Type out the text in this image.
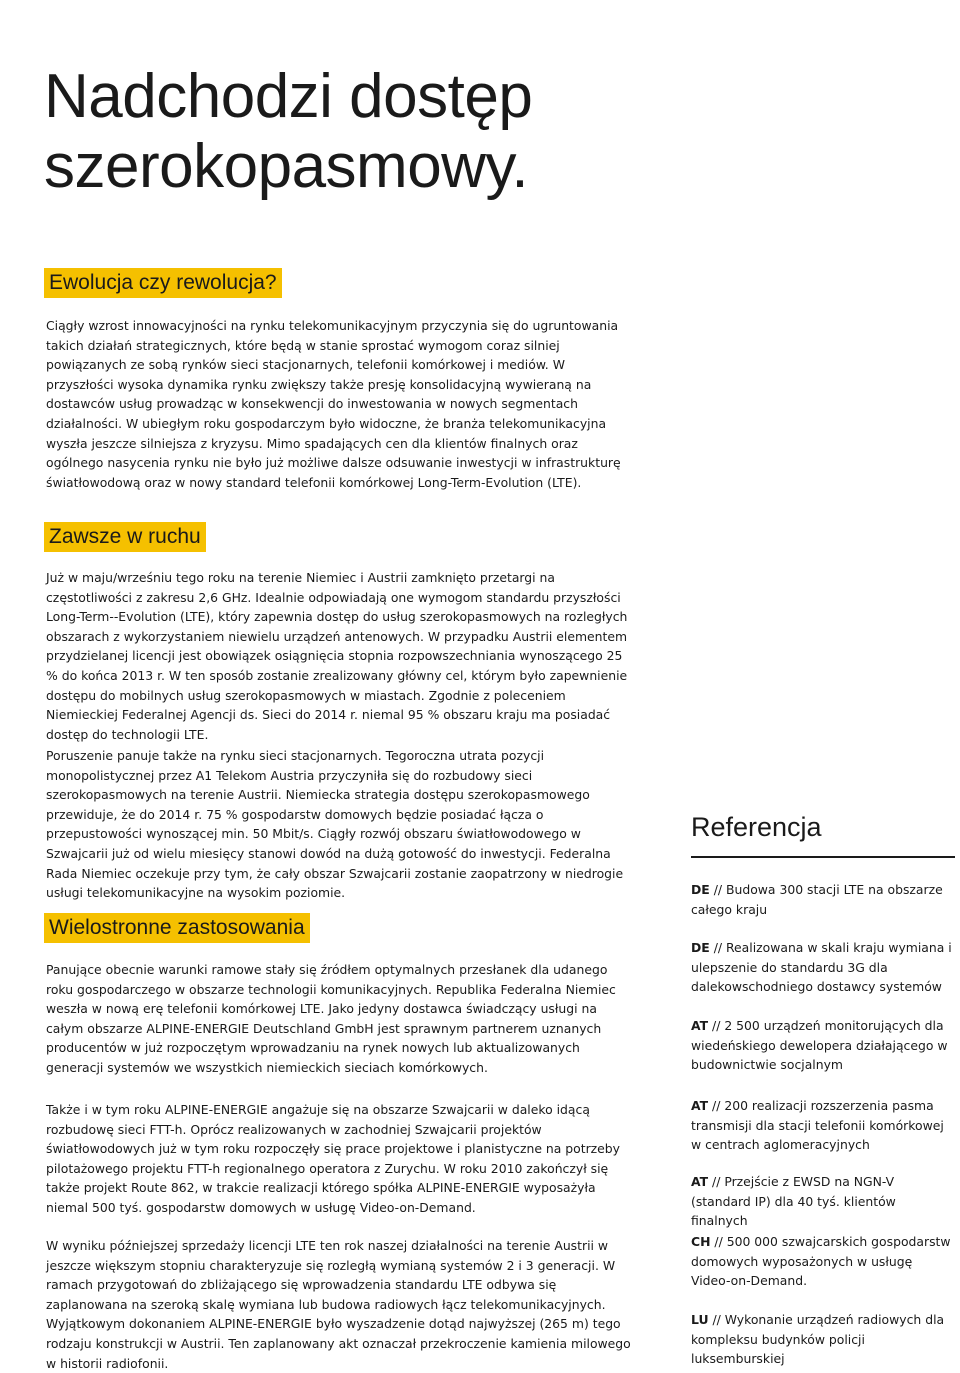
Nadchodzi dostęp
szerokopasmowy.
Ewolucja czy rewolucja?

Ciągły wzrost innowacyjności na rynku telekomunikacyjnym przyczynia się do ugruntowania takich działań strategicznych, które będą w stanie sprostać wymogom coraz silniej powiązanych ze sobą rynków sieci stacjonarnych, telefonii komórkowej i mediów. W przyszłości wysoka dynamika rynku zwiększy także presję konsolidacyjną wywieraną na dostawców usług prowadząc w konsekwencji do inwestowania w nowych segmentach działalności. W ubiegłym roku gospodarczym było widoczne, że branża telekomunikacyjna wyszła jeszcze silniejsza z kryzysu. Mimo spadających cen dla klientów finalnych oraz ogólnego nasycenia rynku nie było już możliwe dalsze odsuwanie inwestycji w infrastrukturę światłowodową oraz w nowy standard telefonii komórkowej Long-Term-Evolution (LTE).

Zawsze w ruchu

Już w maju/wrześniu tego roku na terenie Niemiec i Austrii zamknięto przetargi na częstotliwości z zakresu 2,6 GHz. Idealnie odpowiadają one wymogom standardu przyszłości Long-Term--Evolution (LTE), który zapewnia dostęp do usług szerokopasmowych na rozległych obszarach z wykorzystaniem niewielu urządzeń antenowych. W przypadku Austrii elementem przydzielanej licencji jest obowiązek osiągnięcia stopnia rozpowszechniania wynoszącego 25 % do końca 2013 r. W ten sposób zostanie zrealizowany główny cel, którym było zapewnienie dostępu do mobilnych usług szerokopasmowych w miastach. Zgodnie z poleceniem Niemieckiej Federalnej Agencji ds. Sieci do 2014 r. niemal 95 % obszaru kraju ma posiadać dostęp do technologii LTE.

Poruszenie panuje także na rynku sieci stacjonarnych. Tegoroczna utrata pozycji monopolistycznej przez A1 Telekom Austria przyczyniła się do rozbudowy sieci szerokopasmowych na terenie Austrii. Niemiecka strategia dostępu szerokopasmowego przewiduje, że do 2014 r. 75 % gospodarstw domowych będzie posiadać łącza o przepustowości wynoszącej min. 50 Mbit/s. Ciągły rozwój obszaru światłowodowego w Szwajcarii już od wielu miesięcy stanowi dowód na dużą gotowość do inwestycji. Federalna Rada Niemiec oczekuje przy tym, że cały obszar Szwajcarii zostanie zaopatrzony w niedrogie usługi telekomunikacyjne na wysokim poziomie.

Wielostronne zastosowania

Panujące obecnie warunki ramowe stały się źródłem optymalnych przesłanek dla udanego roku gospodarczego w obszarze technologii komunikacyjnych. Republika Federalna Niemiec weszła w nową erę telefonii komórkowej LTE. Jako jedyny dostawca świadczący usługi na całym obszarze ALPINE-ENERGIE Deutschland GmbH jest sprawnym partnerem uznanych producentów w już rozpoczętym wprowadzaniu na rynek nowych lub aktualizowanych generacji systemów we wszystkich niemieckich sieciach komórkowych.

Także i w tym roku ALPINE-ENERGIE angażuje się na obszarze Szwajcarii w daleko idącą rozbudowę sieci FTT-h. Oprócz realizowanych w zachodniej Szwajcarii projektów światłowodowych już w tym roku rozpoczęły się prace projektowe i planistyczne na potrzeby pilotażowego projektu FTT-h regionalnego operatora z Zurychu. W roku 2010 zakończył się także projekt Route 862, w trakcie realizacji którego spółka ALPINE-ENERGIE wyposażyła niemal 500 tyś. gospodarstw domowych w usługę Video-on-Demand.

W wyniku późniejszej sprzedaży licencji LTE ten rok naszej działalności na terenie Austrii w jeszcze większym stopniu charakteryzuje się rozległą wymianą systemów 2 i 3 generacji. W ramach przygotowań do zbliżającego się wprowadzenia standardu LTE odbywa się zaplanowana na szeroką skalę wymiana lub budowa radiowych łącz telekomunikacyjnych. Wyjątkowym dokonaniem ALPINE-ENERGIE było wyszadzenie dotąd najwyższej (265 m) tego rodzaju konstrukcji w Austrii. Ten zaplanowany akt oznaczał przekroczenie kamienia milowego w historii radiofonii.

Referencja

DE // Budowa 300 stacji LTE na obszarze całego kraju

DE // Realizowana w skali kraju wymiana i ulepszenie do standardu 3G dla dalekowschodniego dostawcy systemów

AT // 2 500 urządzeń monitorujących dla wiedeńskiego dewelopera działającego w budownictwie socjalnym

AT // 200 realizacji rozszerzenia pasma transmisji dla stacji telefonii komórkowej w centrach aglomeracyjnych

AT // Przejście z EWSD na NGN-V (standard IP) dla 40 tyś. klientów finalnych

CH // 500 000 szwajcarskich gospodarstw domowych wyposażonych w usługę Video-on-Demand.

LU // Wykonanie urządzeń radiowych dla kompleksu budynków policji luksemburskiej
